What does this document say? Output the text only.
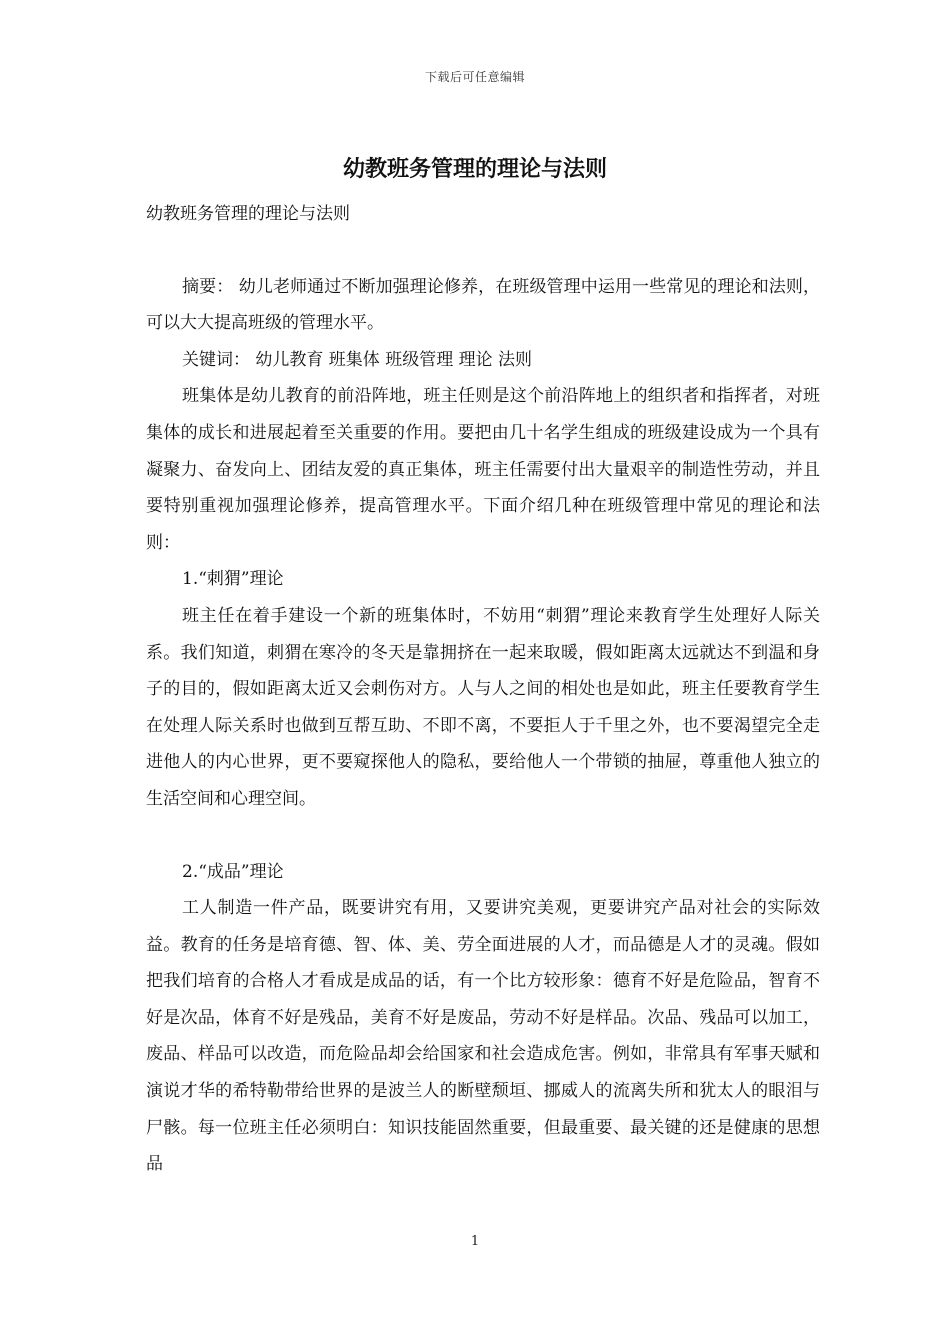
下载后可任意编辑
幼教班务管理的理论与法则

幼教班务管理的理论与法则

摘要： 幼儿老师通过不断加强理论修养，在班级管理中运用一些常见的理论和法则，可以大大提高班级的管理水平。

关键词： 幼儿教育 班集体 班级管理 理论 法则

班集体是幼儿教育的前沿阵地，班主任则是这个前沿阵地上的组织者和指挥者，对班集体的成长和进展起着至关重要的作用。要把由几十名学生组成的班级建设成为一个具有凝聚力、奋发向上、团结友爱的真正集体，班主任需要付出大量艰辛的制造性劳动，并且要特别重视加强理论修养，提高管理水平。下面介绍几种在班级管理中常见的理论和法则：

1.“刺猬”理论

班主任在着手建设一个新的班集体时，不妨用“刺猬”理论来教育学生处理好人际关系。我们知道，刺猬在寒冷的冬天是靠拥挤在一起来取暖，假如距离太远就达不到温和身子的目的，假如距离太近又会刺伤对方。人与人之间的相处也是如此，班主任要教育学生在处理人际关系时也做到互帮互助、不即不离，不要拒人于千里之外，也不要渴望完全走进他人的内心世界，更不要窥探他人的隐私，要给他人一个带锁的抽屉，尊重他人独立的生活空间和心理空间。

2.“成品”理论

工人制造一件产品，既要讲究有用，又要讲究美观，更要讲究产品对社会的实际效益。教育的任务是培育德、智、体、美、劳全面进展的人才，而品德是人才的灵魂。假如把我们培育的合格人才看成是成品的话，有一个比方较形象：德育不好是危险品，智育不好是次品，体育不好是残品，美育不好是废品，劳动不好是样品。次品、残品可以加工，废品、样品可以改造，而危险品却会给国家和社会造成危害。例如，非常具有军事天赋和演说才华的希特勒带给世界的是波兰人的断壁颓垣、挪威人的流离失所和犹太人的眼泪与尸骸。每一位班主任必须明白：知识技能固然重要，但最重要、最关键的还是健康的思想品

1
